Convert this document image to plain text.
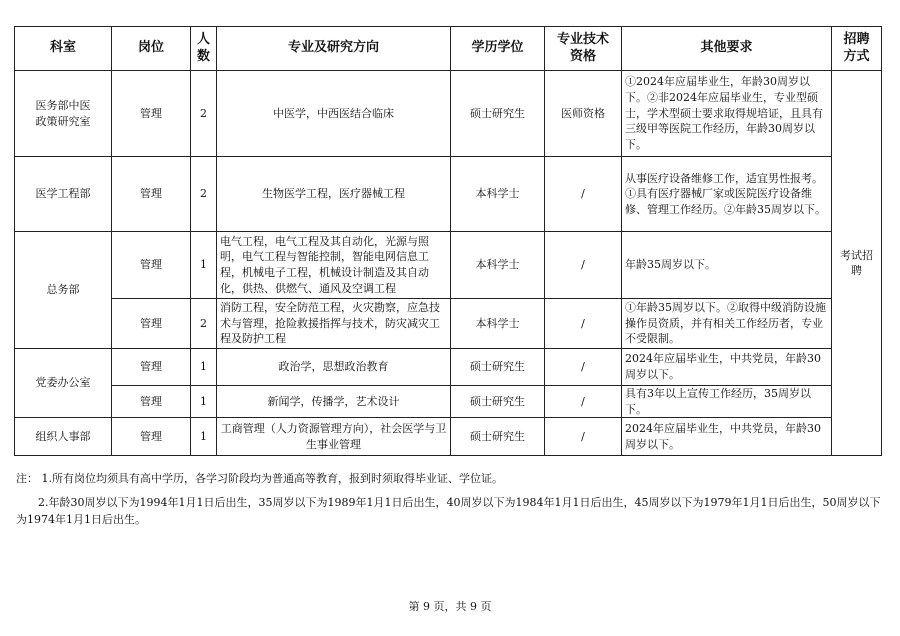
科室	岗位	人数	专业及研究方向	学历学位	专业技术资格	其他要求	招聘方式
医务部中医政策研究室	管理	2	中医学，中西医结合临床	硕士研究生	医师资格	①2024年应届毕业生，年龄30周岁以下。②非2024年应届毕业生，专业型硕士，学术型硕士要求取得规培证，且具有三级甲等医院工作经历，年龄30周岁以下。	考试招聘
医学工程部	管理	2	生物医学工程，医疗器械工程	本科学士	/	从事医疗设备维修工作，适宜男性报考。①具有医疗器械厂家或医院医疗设备维修、管理工作经历。②年龄35周岁以下。	
总务部	管理	1	电气工程，电气工程及其自动化，光源与照明，电气工程与智能控制，智能电网信息工程，机械电子工程，机械设计制造及其自动化，供热、供燃气、通风及空调工程	本科学士	/	年龄35周岁以下。	
	管理	2	消防工程，安全防范工程，火灾勘察，应急技术与管理，抢险救援指挥与技术，防灾减灾工程及防护工程	本科学士	/	①年龄35周岁以下。②取得中级消防设施操作员资质，并有相关工作经历者，专业不受限制。	
党委办公室	管理	1	政治学，思想政治教育	硕士研究生	/	2024年应届毕业生，中共党员，年龄30周岁以下。	
	管理	1	新闻学，传播学，艺术设计	硕士研究生	/	具有3年以上宣传工作经历，35周岁以下。	
组织人事部	管理	1	工商管理（人力资源管理方向），社会医学与卫生事业管理	硕士研究生	/	2024年应届毕业生，中共党员，年龄30周岁以下。	

注： 1.所有岗位均须具有高中学历，各学习阶段均为普通高等教育，报到时须取得毕业证、学位证。

2.年龄30周岁以下为1994年1月1日后出生，35周岁以下为1989年1月1日后出生，40周岁以下为1984年1月1日后出生，45周岁以下为1979年1月1日后出生，50周岁以下为1974年1月1日后出生。

第 9 页，共 9 页
